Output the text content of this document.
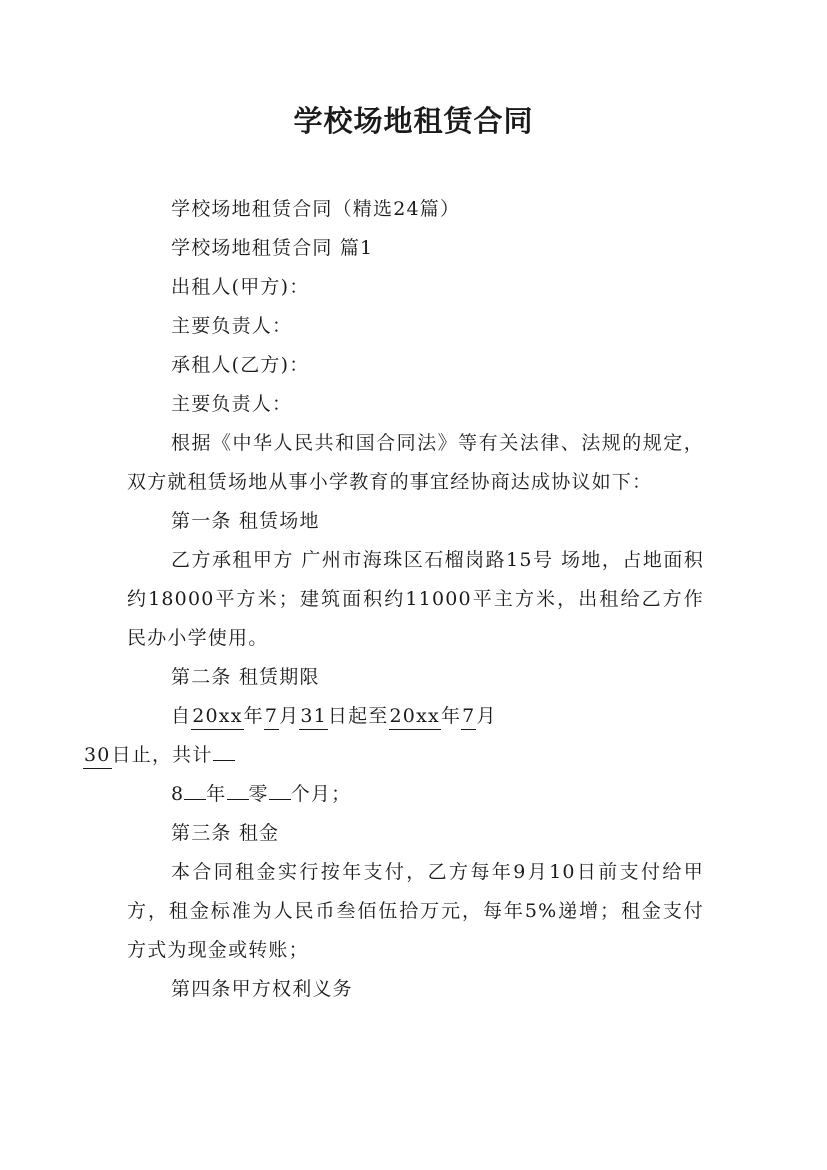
学校场地租赁合同

学校场地租赁合同（精选24篇）

学校场地租赁合同 篇1

出租人(甲方)：

主要负责人：

承租人(乙方)：

主要负责人：

根据《中华人民共和国合同法》等有关法律、法规的规定，双方就租赁场地从事小学教育的事宜经协商达成协议如下：

第一条 租赁场地

乙方承租甲方 广州市海珠区石榴岗路15号 场地，占地面积约18000平方米；建筑面积约11000平主方米，出租给乙方作民办小学使用。

第二条 租赁期限

自20xx年7月31日起至20xx年7月
30日止，共计

8 年 零 个月；

第三条 租金

本合同租金实行按年支付，乙方每年9月10日前支付给甲方，租金标准为人民币叁佰伍拾万元，每年5%递增；租金支付方式为现金或转账；

第四条甲方权利义务
